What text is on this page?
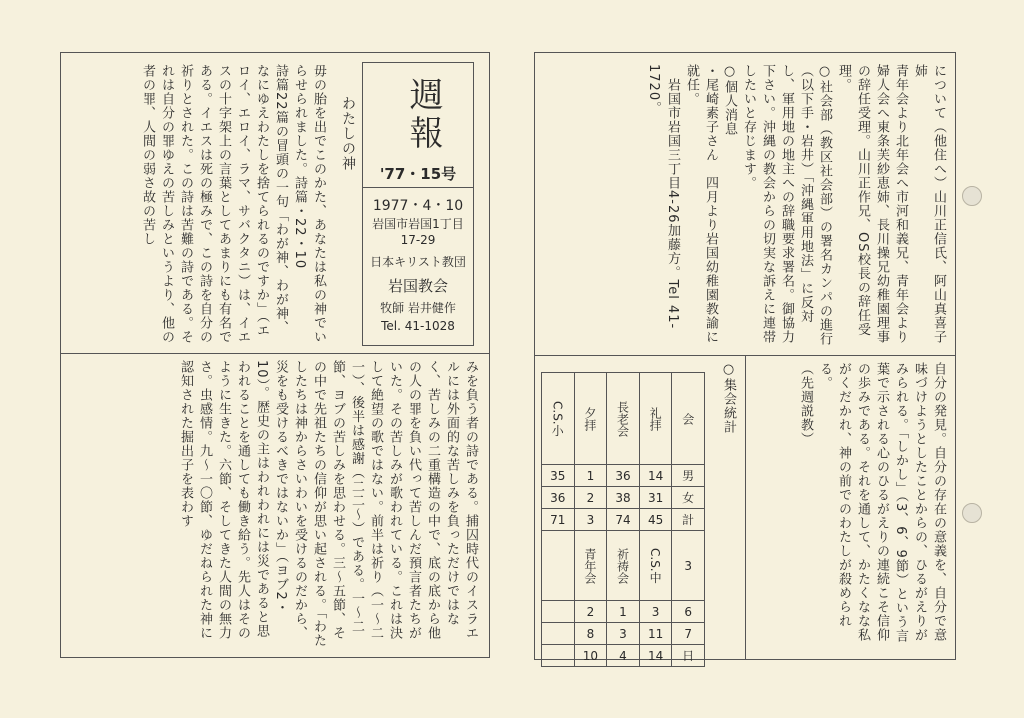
週報
'77・15号
1977・4・10
岩国市岩国1丁目
17-29
日本キリスト教団
岩国教会
牧師 岩井健作
Tel. 41-1028
わたしの神
毋の胎を出でこのかた、あなたは私の神でいらせられました。詩篇・22・10
詩篇22篇の冒頭の一句「わが神、わが神、なにゆえわたしを捨てられるのですか」（エロイ、エロイ、ラマ、サバクタニ）は、イエスの十字架上の言葉としてあまりにも有名である。イエスは死の極みで、この詩を自分の祈りとされた。この詩は苦難の詩である。それは自分の罪ゆえの苦しみというより、他の者の罪、人間の弱さ故の苦し
みを負う者の詩である。捕囚時代のイスラエルには外面的な苦しみを負っただけではなく、苦しみの二重構造の中で、底の底から他の人の罪を負い代って苦しんだ預言者たちがいた。その苦しみが歌われている。これは決して絶望の歌ではない。前半は祈り（一〜二一）、後半は感謝（二二〜）である。一〜二節、ヨブの苦しみを思わせる。三〜五節、その中で先祖たちの信仰が思い起される。「わたしたちは神からさいわいを受けるのだから、災をも受けるべきではないか」（ヨブ2・10）。歴史の主はわれわれには災であると思われることを通しても働き給う。先人はそのように生きた。六節、そしてきた人間の無力さ。虫感情。九〜一〇節、ゆだねられた神に認知された掘出子を表わす
について（他住へ）山川正信氏、阿山真喜子姉
青年会より北年会へ市河和義兄、青年会より婦人会へ東条芙紗恵姉、長川操兄幼稚園理事の辞任受理。山川正作兄、OS校長の辞任受理。
○社会部（教区社会部）の署名カンパの進行（以下手・岩井）「沖縄軍用地法」に反対し、軍用地の地主への辞職要求署名。御協力下さい。沖縄の教会からの切実な訴えに連帯したいと存じます。
○個人消息
・尾崎素子さん　四月より岩国幼稚園教諭に就任。
　岩国市岩国三丁目4-26加藤方。Tel 41-1720。
自分の発見。自分の存在の意義を、自分で意味づけようとしたことからの、ひるがえりがみられる。「しかし」（3、6、9節）という言葉で示される心のひるがえりの連続こそ信仰の歩みである。それを通して、かたくなな私がくだかれ、神の前でのわたしが殺められる。
（先週説教）
○集会統計
C.S.小	夕拝	長老会	礼拝	会
35	1	36	14	男
36	2	38	31	女
71	3	74	45	計
	青年会	祈祷会	C.S.中	3
	2	1	3	6
	8	3	11	7
	10	4	14	日
